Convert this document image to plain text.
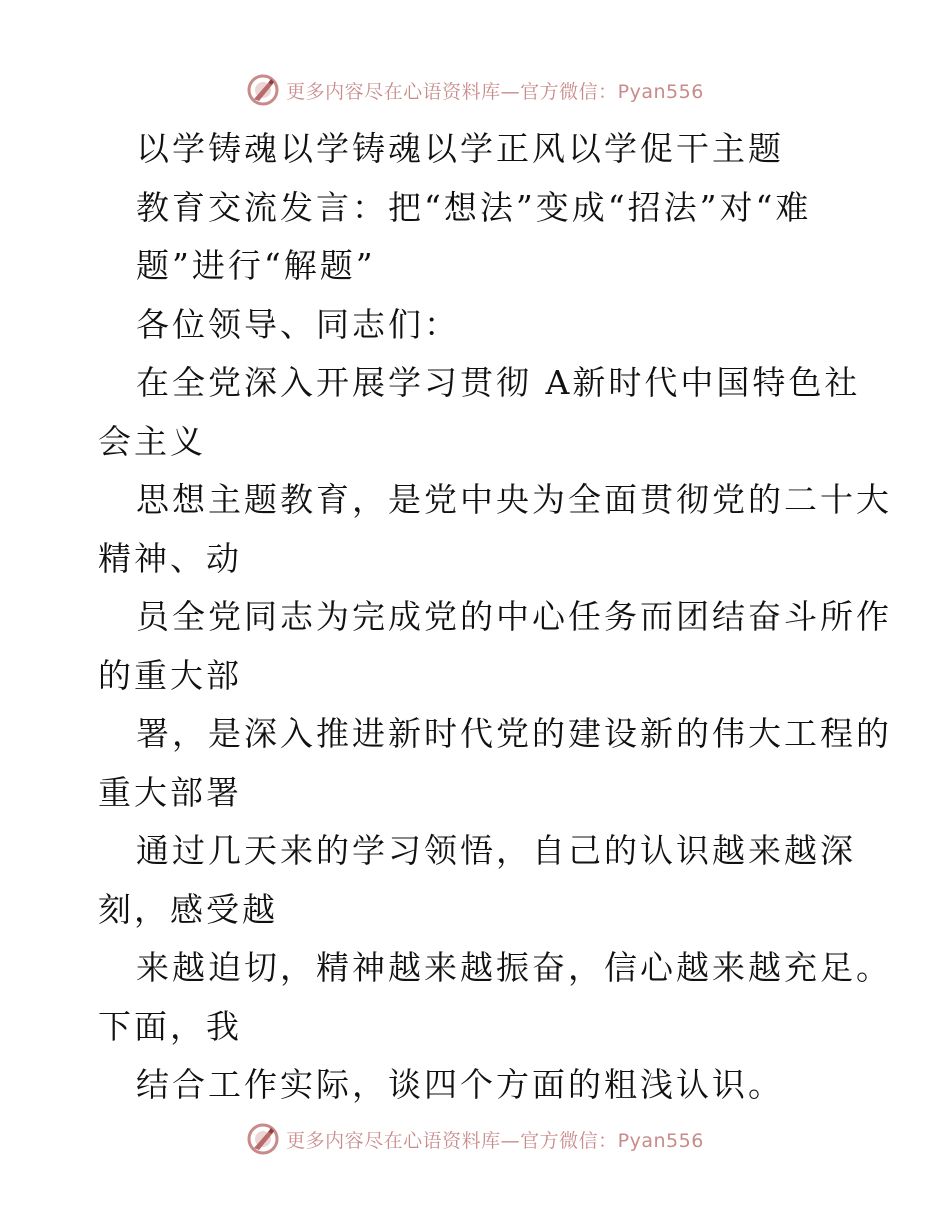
更多内容尽在心语资料库—官方微信：Pyan556
以学铸魂以学铸魂以学正风以学促干主题
教育交流发言：把“想法”变成“招法”对“难
题”进行“解题”
各位领导、同志们：
在全党深入开展学习贯彻 A新时代中国特色社
会主义
思想主题教育，是党中央为全面贯彻党的二十大
精神、动
员全党同志为完成党的中心任务而团结奋斗所作
的重大部
署，是深入推进新时代党的建设新的伟大工程的
重大部署
通过几天来的学习领悟，自己的认识越来越深
刻，感受越
来越迫切，精神越来越振奋，信心越来越充足。
下面，我
结合工作实际，谈四个方面的粗浅认识。
更多内容尽在心语资料库—官方微信：Pyan556
